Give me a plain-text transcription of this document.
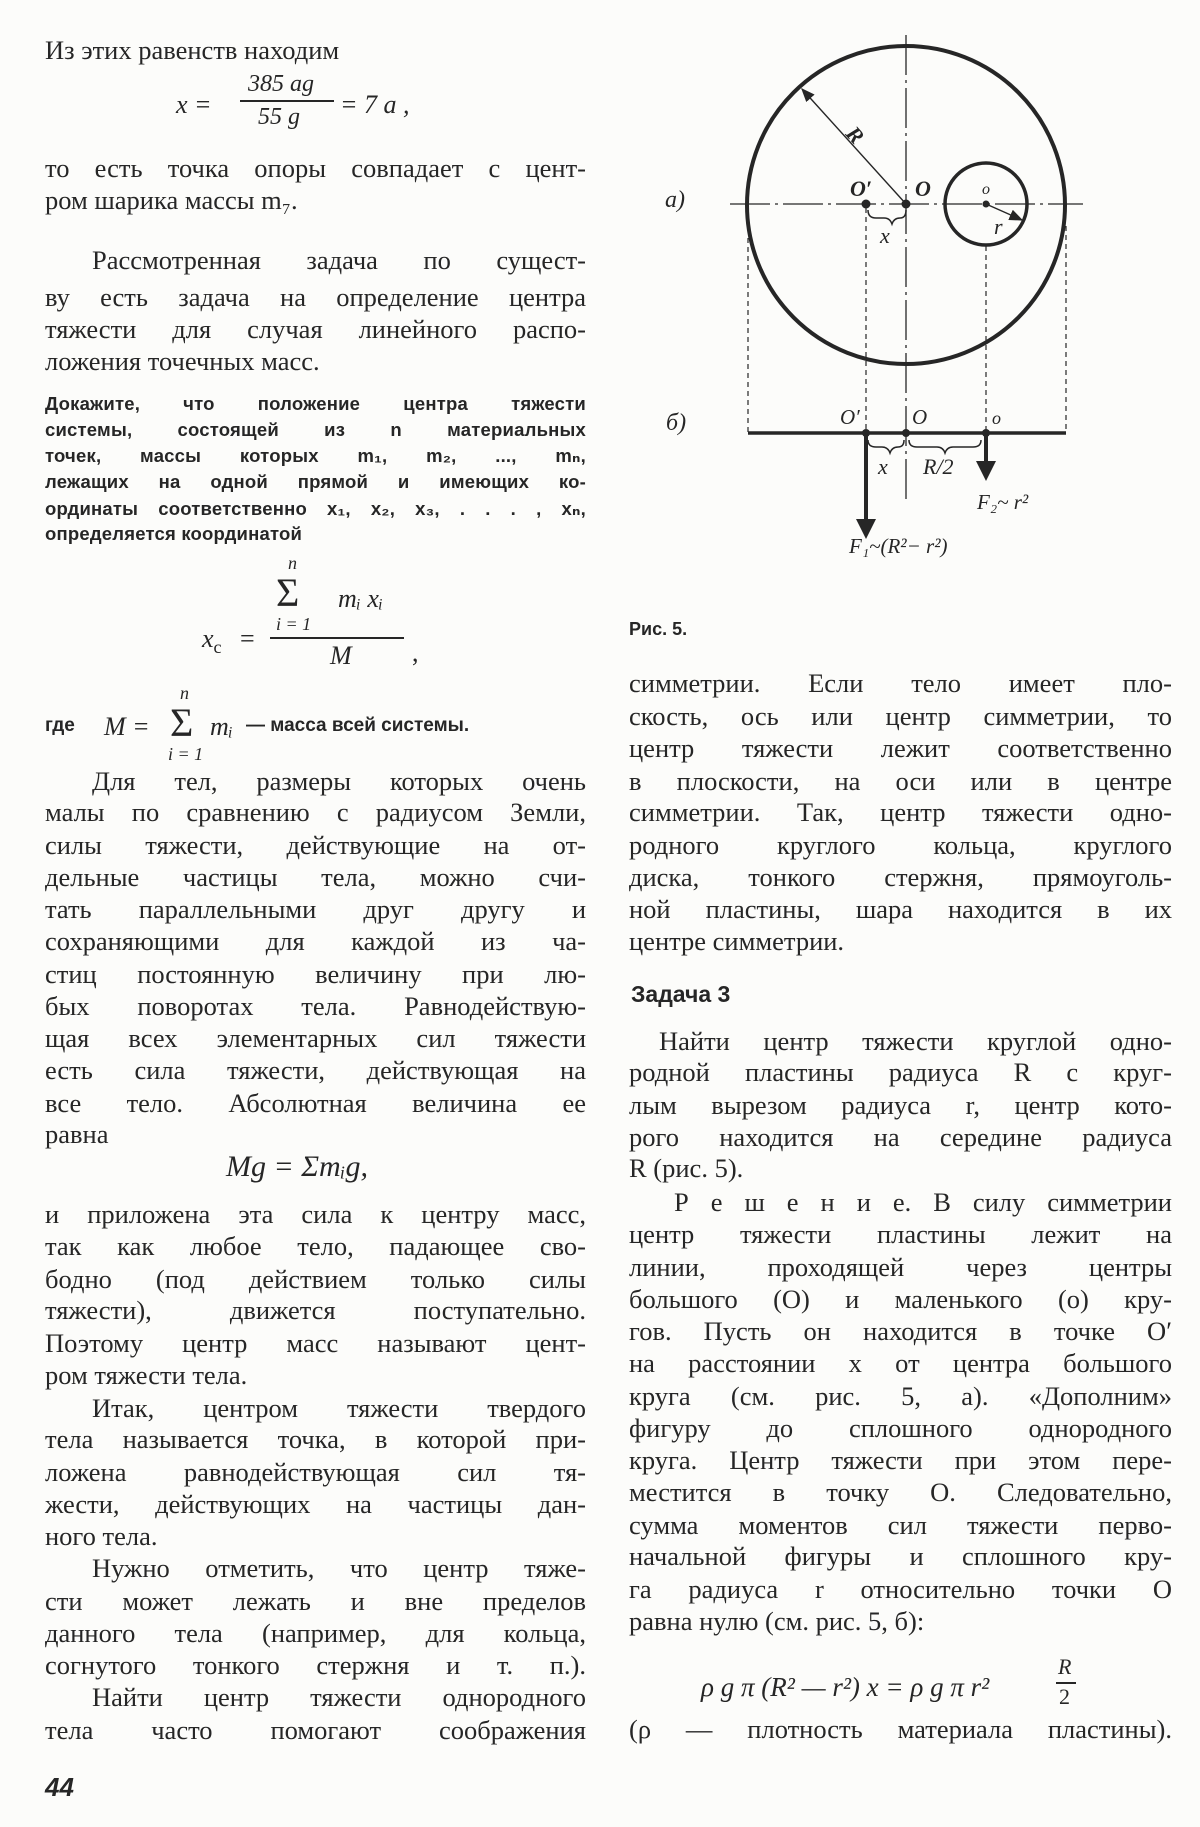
Из этих равенств находим
то есть точка опоры совпадает с цент-
ром шарика массы m₇.
Рассмотренная задача по сущест-
ву есть задача на определение центра
тяжести для случая линейного распо-
ложения точечных масс.
Докажите, что положение центра тяжести
системы, состоящей из n материальных
точек, массы которых m₁, m₂, ..., mₙ,
лежащих на одной прямой и имеющих ко-
ординаты соответственно x₁, x₂, x₃, . . . , xₙ,
определяется координатой
Для тел, размеры которых очень
малы по сравнению с радиусом Земли,
силы тяжести, действующие на от-
дельные частицы тела, можно счи-
тать параллельными друг другу и
сохраняющими для каждой из ча-
стиц постоянную величину при лю-
бых поворотах тела. Равнодействую-
щая всех элементарных сил тяжести
есть сила тяжести, действующая на
все тело. Абсолютная величина ее
равна
и приложена эта сила к центру масс,
так как любое тело, падающее сво-
бодно (под действием только силы
тяжести), движется поступательно.
Поэтому центр масс называют цент-
ром тяжести тела.
Итак, центром тяжести твердого
тела называется точка, в которой при-
ложена равнодействующая сил тя-
жести, действующих на частицы дан-
ного тела.
Нужно отметить, что центр тяже-
сти может лежать и вне пределов
данного тела (например, для кольца,
согнутого тонкого стержня и т. п.).
Найти центр тяжести однородного
тела часто помогают соображения
симметрии. Если тело имеет пло-
скость, ось или центр симметрии, то
центр тяжести лежит соответственно
в плоскости, на оси или в центре
симметрии. Так, центр тяжести одно-
родного круглого кольца, круглого
диска, тонкого стержня, прямоуголь-
ной пластины, шара находится в их
центре симметрии.
Найти центр тяжести круглой одно-
родной пластины радиуса R с круг-
лым вырезом радиуса r, центр кото-
рого находится на середине радиуса
R (рис. 5).
Р е ш е н и е. В силу симметрии
центр тяжести пластины лежит на
линии, проходящей через центры
большого (O) и маленького (o) кру-
гов. Пусть он находится в точке O′
на расстоянии x от центра большого
круга (см. рис. 5, а). «Дополним»
фигуру до сплошного однородного
круга. Центр тяжести при этом пере-
местится в точку O. Следовательно,
сумма моментов сил тяжести перво-
начальной фигуры и сплошного кру-
га радиуса r относительно точки O
равна нулю (см. рис. 5, б):
(ρ — плотность материала пластины).
x =
385 ag
55 g = 7 a ,
$x_c$ =
n
Σ
i = 1
mᵢ xᵢ
M ,
где M =
n
Σ
i = 1
mᵢ — масса всей системы.
Mg = Σmᵢg,
ρ g π (R² — r²) x = ρ g π r²
R
2
Задача 3
Рис. 5.
44
а)
б)
R
O′ O	o
x	r
O′ O	o
x R/2
F₂~ r²
F₁~(R²− r²)
